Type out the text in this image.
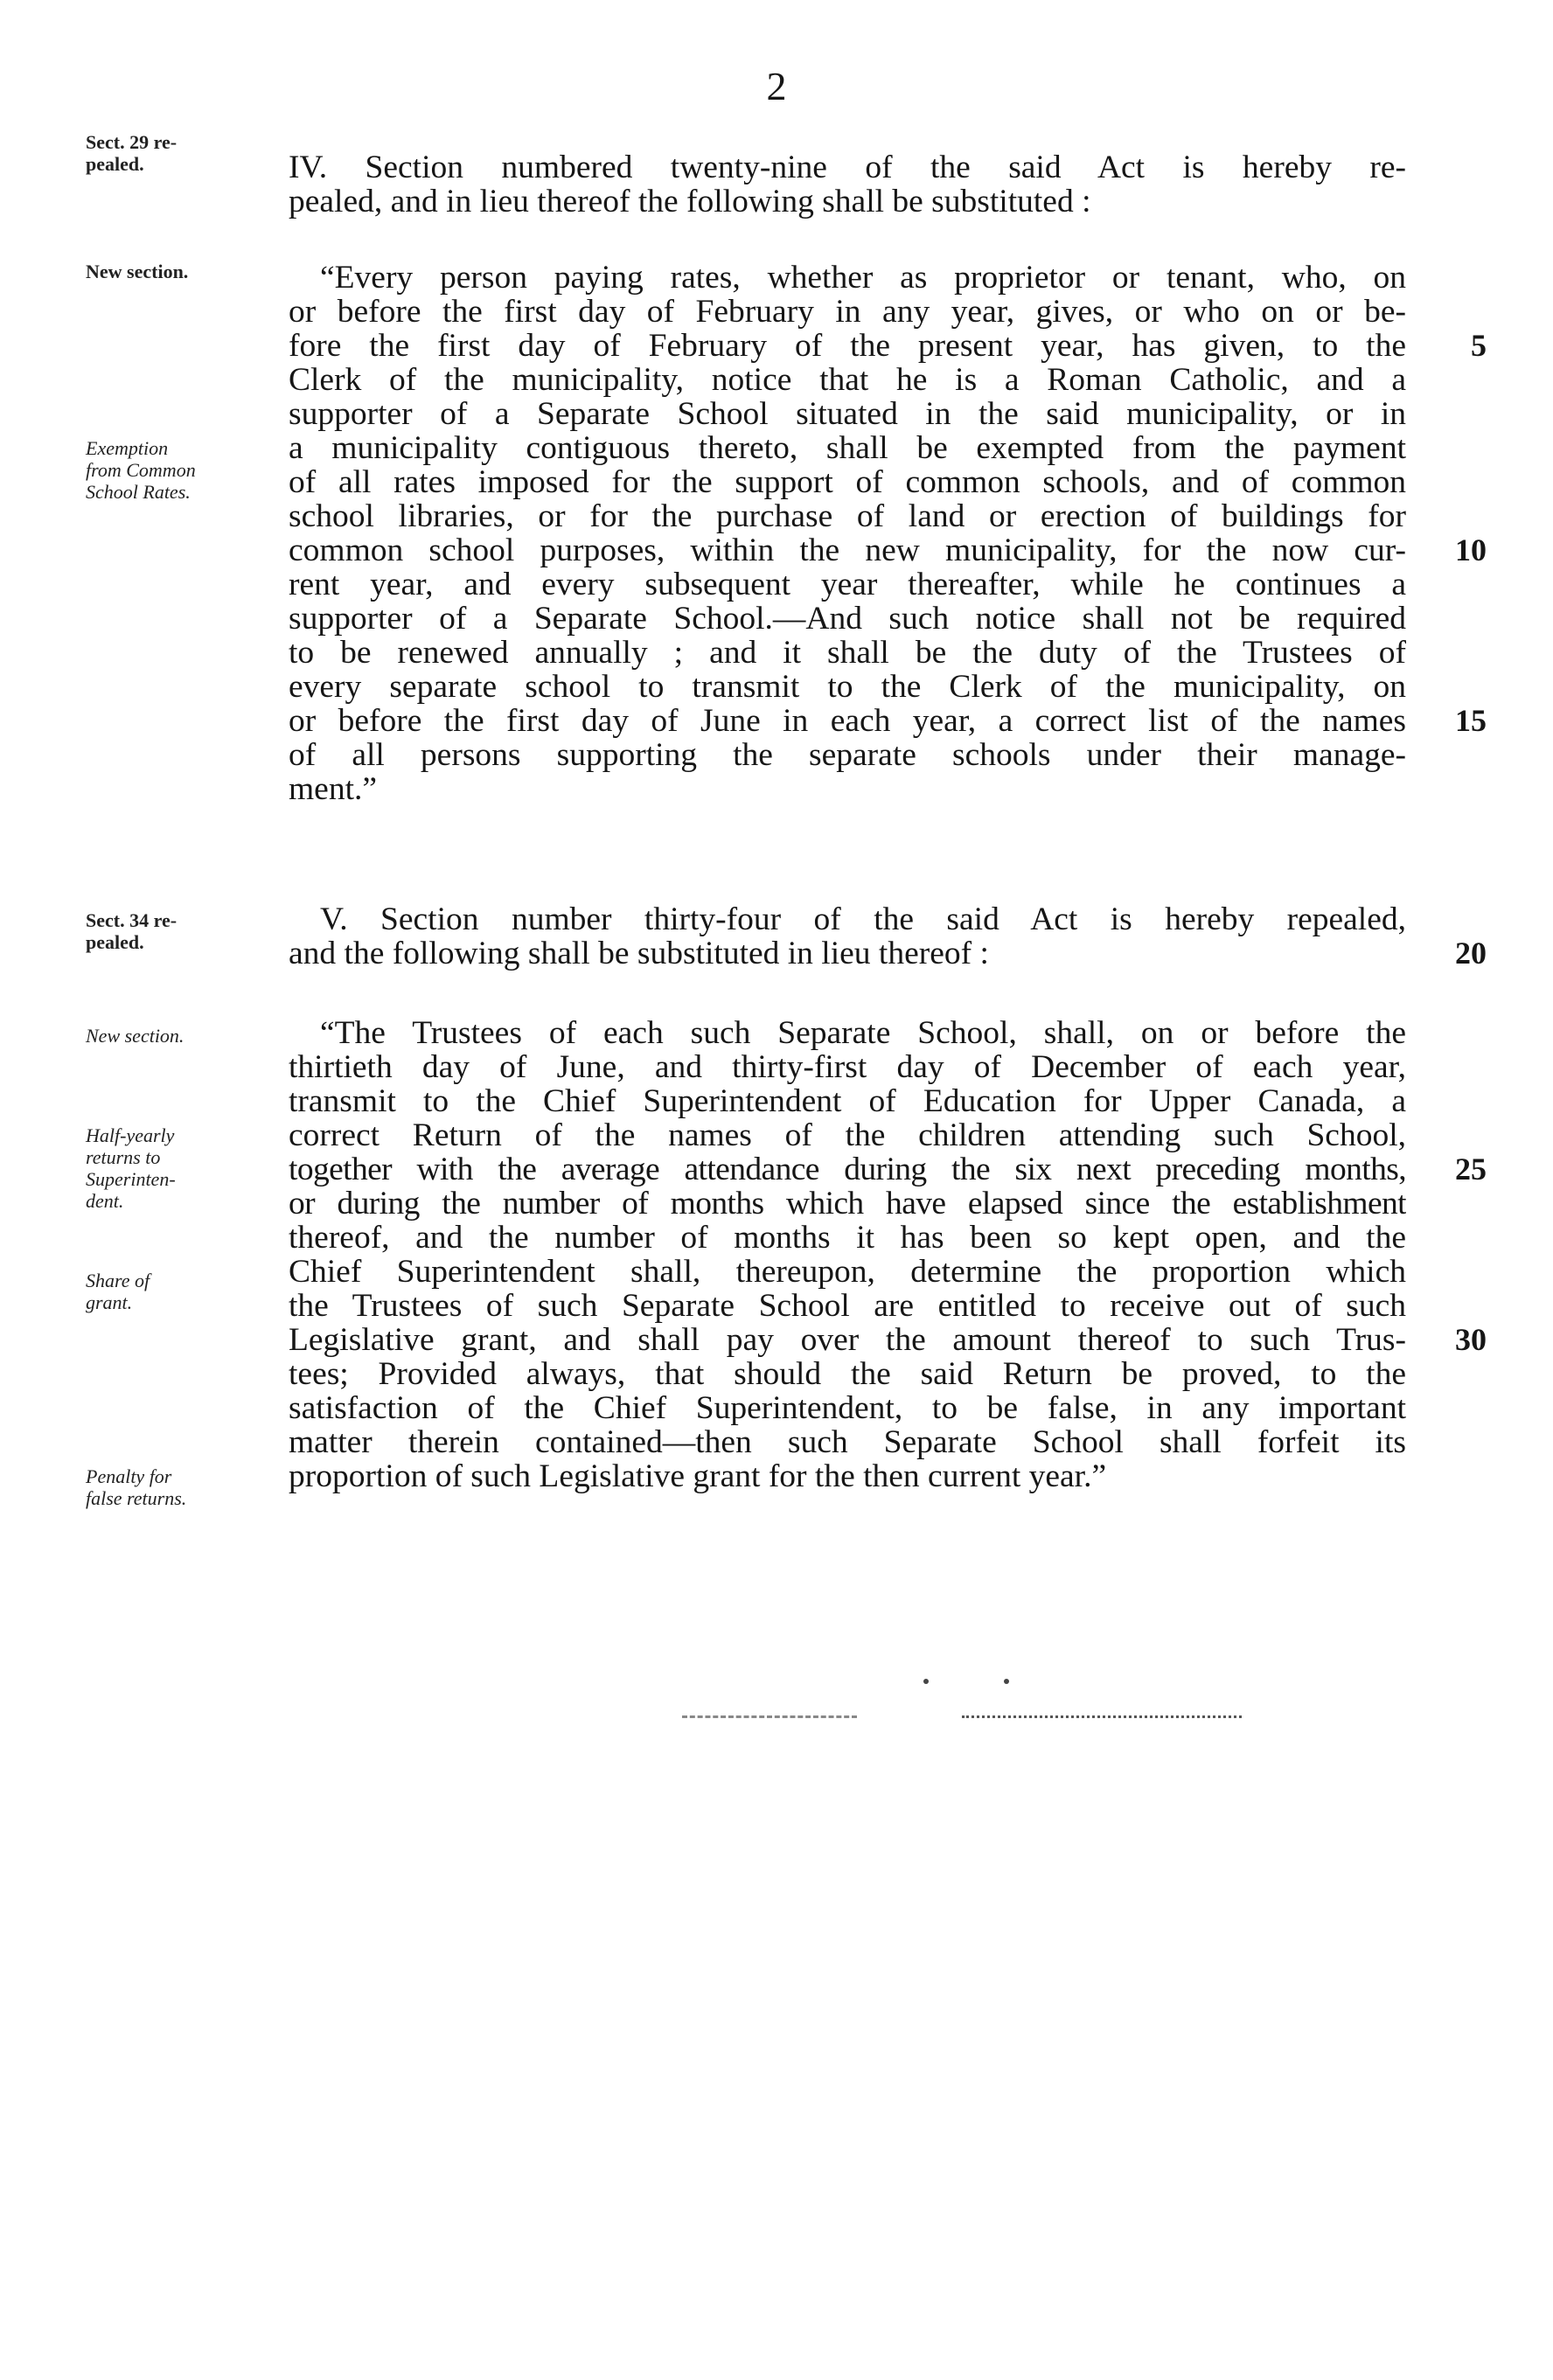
2
Sect. 29 re-
pealed.
New section.
Exemption
from Common
School Rates.
Sect. 34 re-
pealed.
New section.
Half-yearly
returns to
Superinten-
dent.
Share of
grant.
Penalty for
false returns.
IV. Section numbered twenty-nine of the said Act is hereby re-
pealed, and in lieu thereof the following shall be substituted :
“Every person paying rates, whether as proprietor or tenant, who, on
or before the first day of February in any year, gives, or who on or be-
fore the first day of February of the present year, has given, to the
Clerk of the municipality, notice that he is a Roman Catholic, and a
supporter of a Separate School situated in the said municipality, or in
a municipality contiguous thereto, shall be exempted from the payment
of all rates imposed for the support of common schools, and of common
school libraries, or for the purchase of land or erection of buildings for
common school purposes, within the new municipality, for the now cur-
rent year, and every subsequent year thereafter, while he continues a
supporter of a Separate School.—And such notice shall not be required
to be renewed annually ; and it shall be the duty of the Trustees of
every separate school to transmit to the Clerk of the municipality, on
or before the first day of June in each year, a correct list of the names
of all persons supporting the separate schools under their manage-
ment.”
V. Section number thirty-four of the said Act is hereby repealed,
and the following shall be substituted in lieu thereof :
“The Trustees of each such Separate School, shall, on or before the
thirtieth day of June, and thirty-first day of December of each year,
transmit to the Chief Superintendent of Education for Upper Canada, a
correct Return of the names of the children attending such School,
together with the average attendance during the six next preceding months,
or during the number of months which have elapsed since the establishment
thereof, and the number of months it has been so kept open, and the
Chief Superintendent shall, thereupon, determine the proportion which
the Trustees of such Separate School are entitled to receive out of such
Legislative grant, and shall pay over the amount thereof to such Trus-
tees; Provided always, that should the said Return be proved, to the
satisfaction of the Chief Superintendent, to be false, in any important
matter therein contained—then such Separate School shall forfeit its
proportion of such Legislative grant for the then current year.”
5
10
15
20
25
30
